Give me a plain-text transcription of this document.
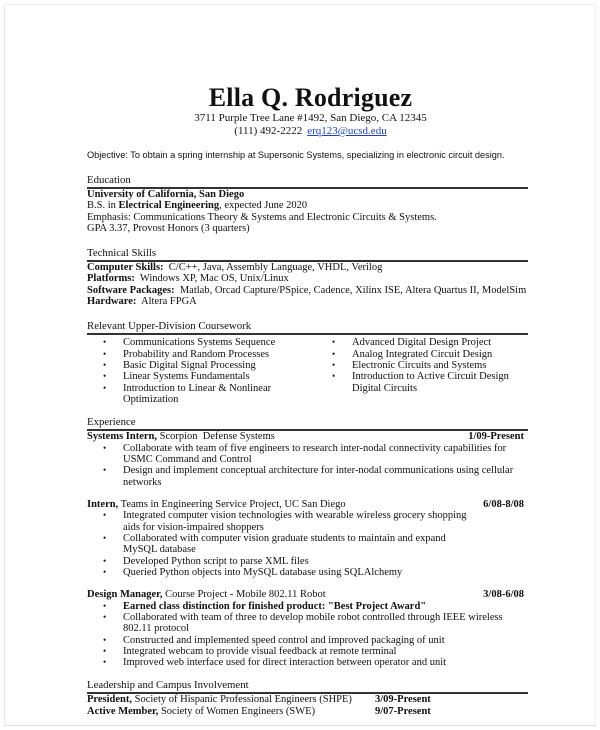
Ella Q. Rodriguez
3711 Purple Tree Lane #1492, San Diego, CA 12345
(111) 492-2222 erq123@ucsd.edu
Objective: To obtain a spring internship at Supersonic Systems, specializing in electronic circuit design.
Education
University of California, San Diego
B.S. in Electrical Engineering, expected June 2020
Emphasis: Communications Theory & Systems and Electronic Circuits & Systems.
GPA 3.37, Provost Honors (3 quarters)
Technical Skills
Computer Skills:  C/C++, Java, Assembly Language, VHDL, Verilog
Platforms:  Windows XP, Mac OS, Unix/Linux
Software Packages:  Matlab, Orcad Capture/PSpice, Cadence, Xilinx ISE, Altera Quartus II, ModelSim
Hardware:  Altera FPGA
Relevant Upper-Division Coursework
•	Communications Systems Sequence
•	Probability and Random Processes
•	Basic Digital Signal Processing
•	Linear Systems Fundamentals
•	Introduction to Linear & Nonlinear Optimization
•	Advanced Digital Design Project
•	Analog Integrated Circuit Design
•	Electronic Circuits and Systems
•	Introduction to Active Circuit Design Digital Circuits
Experience
Systems Intern, Scorpion  Defense Systems	1/09-Present
•	Collaborate with team of five engineers to research inter-nodal connectivity capabilities for USMC Command and Control
•	Design and implement conceptual architecture for inter-nodal communications using cellular networks
Intern, Teams in Engineering Service Project, UC San Diego	6/08-8/08
•	Integrated computer vision technologies with wearable wireless grocery shopping aids for vision-impaired shoppers
•	Collaborated with computer vision graduate students to maintain and expand MySQL database
•	Developed Python script to parse XML files
•	Queried Python objects into MySQL database using SQLAlchemy
Design Manager, Course Project - Mobile 802.11 Robot	3/08-6/08
•	Earned class distinction for finished product: "Best Project Award"
•	Collaborated with team of three to develop mobile robot controlled through IEEE wireless 802.11 protocol
•	Constructed and implemented speed control and improved packaging of unit
•	Integrated webcam to provide visual feedback at remote terminal
•	Improved web interface used for direct interaction between operator and unit
Leadership and Campus Involvement
President, Society of Hispanic Professional Engineers (SHPE)	3/09-Present
Active Member, Society of Women Engineers (SWE)	9/07-Present
